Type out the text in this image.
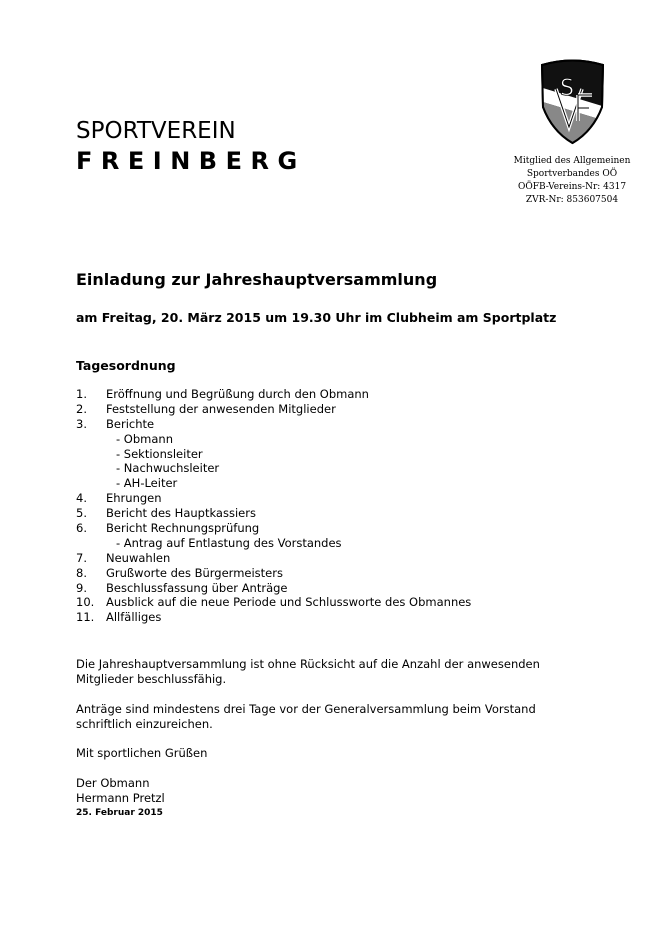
SPORTVEREIN
FREINBERG
S
Mitglied des Allgemeinen
Sportverbandes OÖ
OÖFB-Vereins-Nr: 4317
ZVR-Nr: 853607504
Einladung zur Jahreshauptversammlung
am Freitag, 20. März 2015 um 19.30 Uhr im Clubheim am Sportplatz
Tagesordnung
1. Eröffnung und Begrüßung durch den Obmann
2. Feststellung der anwesenden Mitglieder
3. Berichte
- Obmann
- Sektionsleiter
- Nachwuchsleiter
- AH-Leiter
4. Ehrungen
5. Bericht des Hauptkassiers
6. Bericht Rechnungsprüfung
- Antrag auf Entlastung des Vorstandes
7. Neuwahlen
8. Grußworte des Bürgermeisters
9. Beschlussfassung über Anträge
10. Ausblick auf die neue Periode und Schlussworte des Obmannes
11. Allfälliges
Die Jahreshauptversammlung ist ohne Rücksicht auf die Anzahl der anwesenden
Mitglieder beschlussfähig.
Anträge sind mindestens drei Tage vor der Generalversammlung beim Vorstand
schriftlich einzureichen.
Mit sportlichen Grüßen
Der Obmann
Hermann Pretzl
25. Februar 2015
